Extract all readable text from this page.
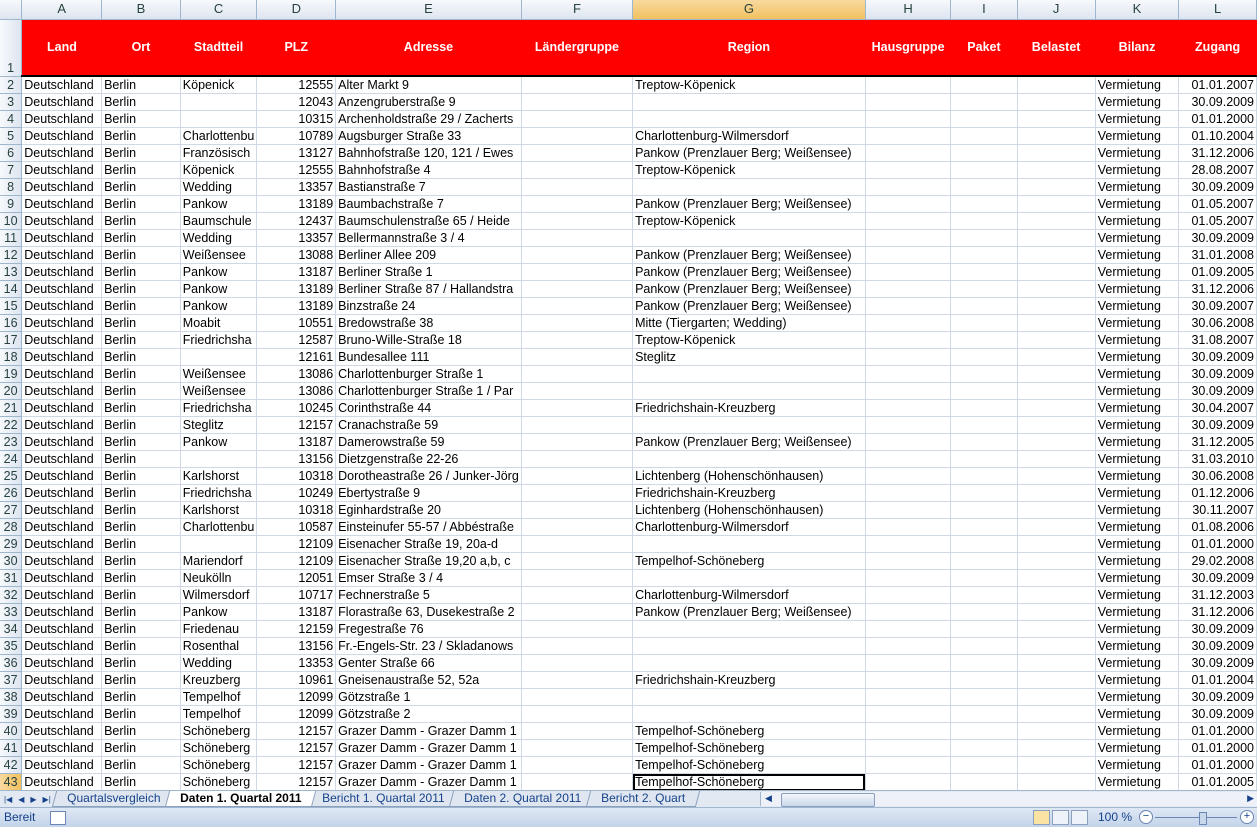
	A	B	C	D	E	F	G	H	I	J	K	L
1	Land	Ort	Stadtteil	PLZ	Adresse	Ländergruppe	Region	Hausgruppe	Paket	Belastet	Bilanz	Zugang
2	Deutschland	Berlin	Köpenick	12555	Alter Markt 9		Treptow-Köpenick				Vermietung	01.01.2007
3	Deutschland	Berlin		12043	Anzengruberstraße 9						Vermietung	30.09.2009
4	Deutschland	Berlin		10315	Archenholdstraße 29 / Zacherts						Vermietung	01.01.2000
5	Deutschland	Berlin	Charlottenbu	10789	Augsburger Straße 33		Charlottenburg-Wilmersdorf				Vermietung	01.10.2004
6	Deutschland	Berlin	Französisch	13127	Bahnhofstraße 120, 121 / Ewes		Pankow (Prenzlauer Berg; Weißensee)				Vermietung	31.12.2006
7	Deutschland	Berlin	Köpenick	12555	Bahnhofstraße 4		Treptow-Köpenick				Vermietung	28.08.2007
8	Deutschland	Berlin	Wedding	13357	Bastianstraße 7						Vermietung	30.09.2009
9	Deutschland	Berlin	Pankow	13189	Baumbachstraße 7		Pankow (Prenzlauer Berg; Weißensee)				Vermietung	01.05.2007
10	Deutschland	Berlin	Baumschule	12437	Baumschulenstraße 65 / Heide		Treptow-Köpenick				Vermietung	01.05.2007
11	Deutschland	Berlin	Wedding	13357	Bellermannstraße 3 / 4						Vermietung	30.09.2009
12	Deutschland	Berlin	Weißensee	13088	Berliner Allee 209		Pankow (Prenzlauer Berg; Weißensee)				Vermietung	31.01.2008
13	Deutschland	Berlin	Pankow	13187	Berliner Straße 1		Pankow (Prenzlauer Berg; Weißensee)				Vermietung	01.09.2005
14	Deutschland	Berlin	Pankow	13189	Berliner Straße 87 / Hallandstra		Pankow (Prenzlauer Berg; Weißensee)				Vermietung	31.12.2006
15	Deutschland	Berlin	Pankow	13189	Binzstraße 24		Pankow (Prenzlauer Berg; Weißensee)				Vermietung	30.09.2007
16	Deutschland	Berlin	Moabit	10551	Bredowstraße 38		Mitte (Tiergarten; Wedding)				Vermietung	30.06.2008
17	Deutschland	Berlin	Friedrichsha	12587	Bruno-Wille-Straße 18		Treptow-Köpenick				Vermietung	31.08.2007
18	Deutschland	Berlin		12161	Bundesallee 111		Steglitz				Vermietung	30.09.2009
19	Deutschland	Berlin	Weißensee	13086	Charlottenburger Straße 1						Vermietung	30.09.2009
20	Deutschland	Berlin	Weißensee	13086	Charlottenburger Straße 1 / Par						Vermietung	30.09.2009
21	Deutschland	Berlin	Friedrichsha	10245	Corinthstraße 44		Friedrichshain-Kreuzberg				Vermietung	30.04.2007
22	Deutschland	Berlin	Steglitz	12157	Cranachstraße 59						Vermietung	30.09.2009
23	Deutschland	Berlin	Pankow	13187	Damerowstraße 59		Pankow (Prenzlauer Berg; Weißensee)				Vermietung	31.12.2005
24	Deutschland	Berlin		13156	Dietzgenstraße 22-26						Vermietung	31.03.2010
25	Deutschland	Berlin	Karlshorst	10318	Dorotheastraße 26 / Junker-Jörg		Lichtenberg (Hohenschönhausen)				Vermietung	30.06.2008
26	Deutschland	Berlin	Friedrichsha	10249	Ebertystraße 9		Friedrichshain-Kreuzberg				Vermietung	01.12.2006
27	Deutschland	Berlin	Karlshorst	10318	Eginhardstraße 20		Lichtenberg (Hohenschönhausen)				Vermietung	30.11.2007
28	Deutschland	Berlin	Charlottenbu	10587	Einsteinufer 55-57 / Abbéstraße		Charlottenburg-Wilmersdorf				Vermietung	01.08.2006
29	Deutschland	Berlin		12109	Eisenacher Straße 19, 20a-d						Vermietung	01.01.2000
30	Deutschland	Berlin	Mariendorf	12109	Eisenacher Straße 19,20 a,b, c		Tempelhof-Schöneberg				Vermietung	29.02.2008
31	Deutschland	Berlin	Neukölln	12051	Emser Straße 3 / 4						Vermietung	30.09.2009
32	Deutschland	Berlin	Wilmersdorf	10717	Fechnerstraße 5		Charlottenburg-Wilmersdorf				Vermietung	31.12.2003
33	Deutschland	Berlin	Pankow	13187	Florastraße 63, Dusekestraße 2		Pankow (Prenzlauer Berg; Weißensee)				Vermietung	31.12.2006
34	Deutschland	Berlin	Friedenau	12159	Fregestraße 76						Vermietung	30.09.2009
35	Deutschland	Berlin	Rosenthal	13156	Fr.-Engels-Str. 23 / Skladanows						Vermietung	30.09.2009
36	Deutschland	Berlin	Wedding	13353	Genter Straße 66						Vermietung	30.09.2009
37	Deutschland	Berlin	Kreuzberg	10961	Gneisenaustraße 52, 52a		Friedrichshain-Kreuzberg				Vermietung	01.01.2004
38	Deutschland	Berlin	Tempelhof	12099	Götzstraße 1						Vermietung	30.09.2009
39	Deutschland	Berlin	Tempelhof	12099	Götzstraße 2						Vermietung	30.09.2009
40	Deutschland	Berlin	Schöneberg	12157	Grazer Damm - Grazer Damm 1		Tempelhof-Schöneberg				Vermietung	01.01.2000
41	Deutschland	Berlin	Schöneberg	12157	Grazer Damm - Grazer Damm 1		Tempelhof-Schöneberg				Vermietung	01.01.2000
42	Deutschland	Berlin	Schöneberg	12157	Grazer Damm - Grazer Damm 1		Tempelhof-Schöneberg				Vermietung	01.01.2000
43	Deutschland	Berlin	Schöneberg	12157	Grazer Damm - Grazer Damm 1		Tempelhof-Schöneberg				Vermietung	01.01.2005
|◀ ◀ ▶ ▶|	Quartalsvergleich	Daten 1. Quartal 2011	Bericht 1. Quartal 2011	Daten 2. Quartal 2011	Bericht 2. Quart	◀	▶
Bereit	100 % −	+
